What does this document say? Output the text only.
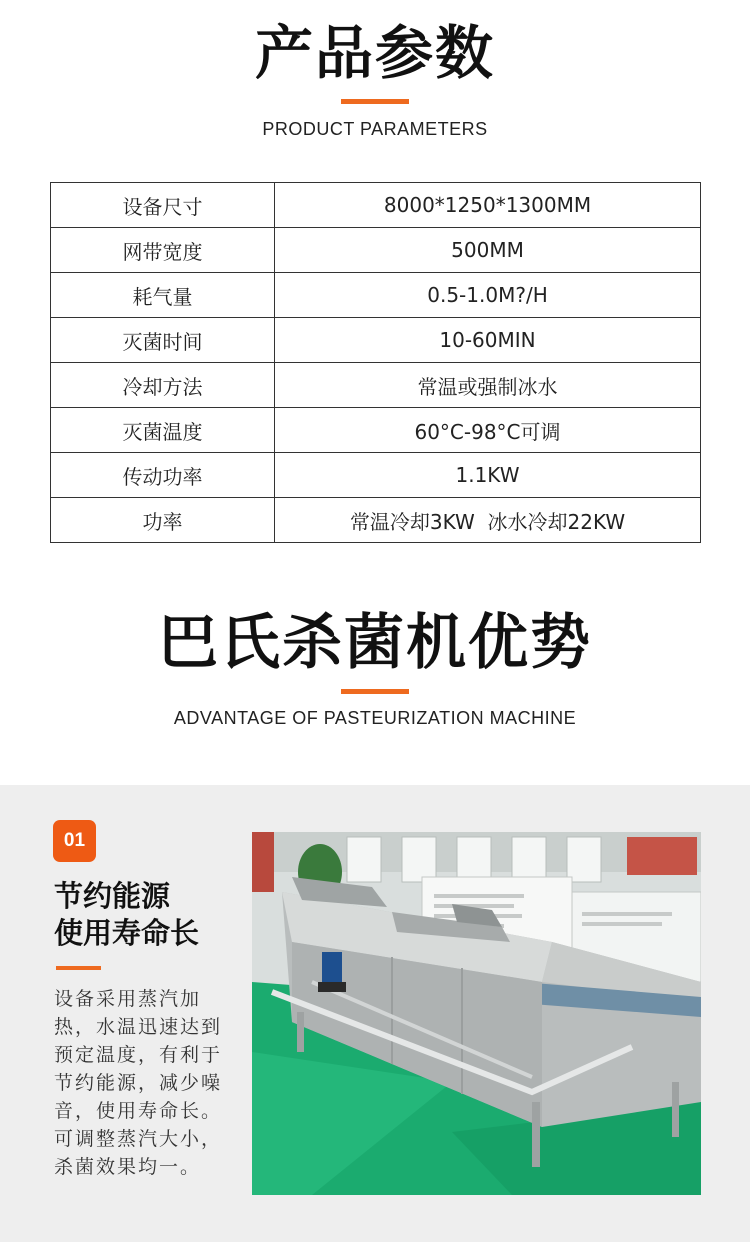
产品参数
PRODUCT PARAMETERS
设备尺寸	8000*1250*1300MM
网带宽度	500MM
耗气量	0.5-1.0M?/H
灭菌时间	10-60MIN
冷却方法	常温或强制冰水
灭菌温度	60°C-98°C可调
传动功率	1.1KW
功率	常温冷却3KW  冰水冷却22KW
巴氏杀菌机优势
ADVANTAGE OF PASTEURIZATION MACHINE
01
节约能源
使用寿命长
设备采用蒸汽加热，水温迅速达到预定温度，有利于节约能源，减少噪音，使用寿命长。可调整蒸汽大小，杀菌效果均一。
